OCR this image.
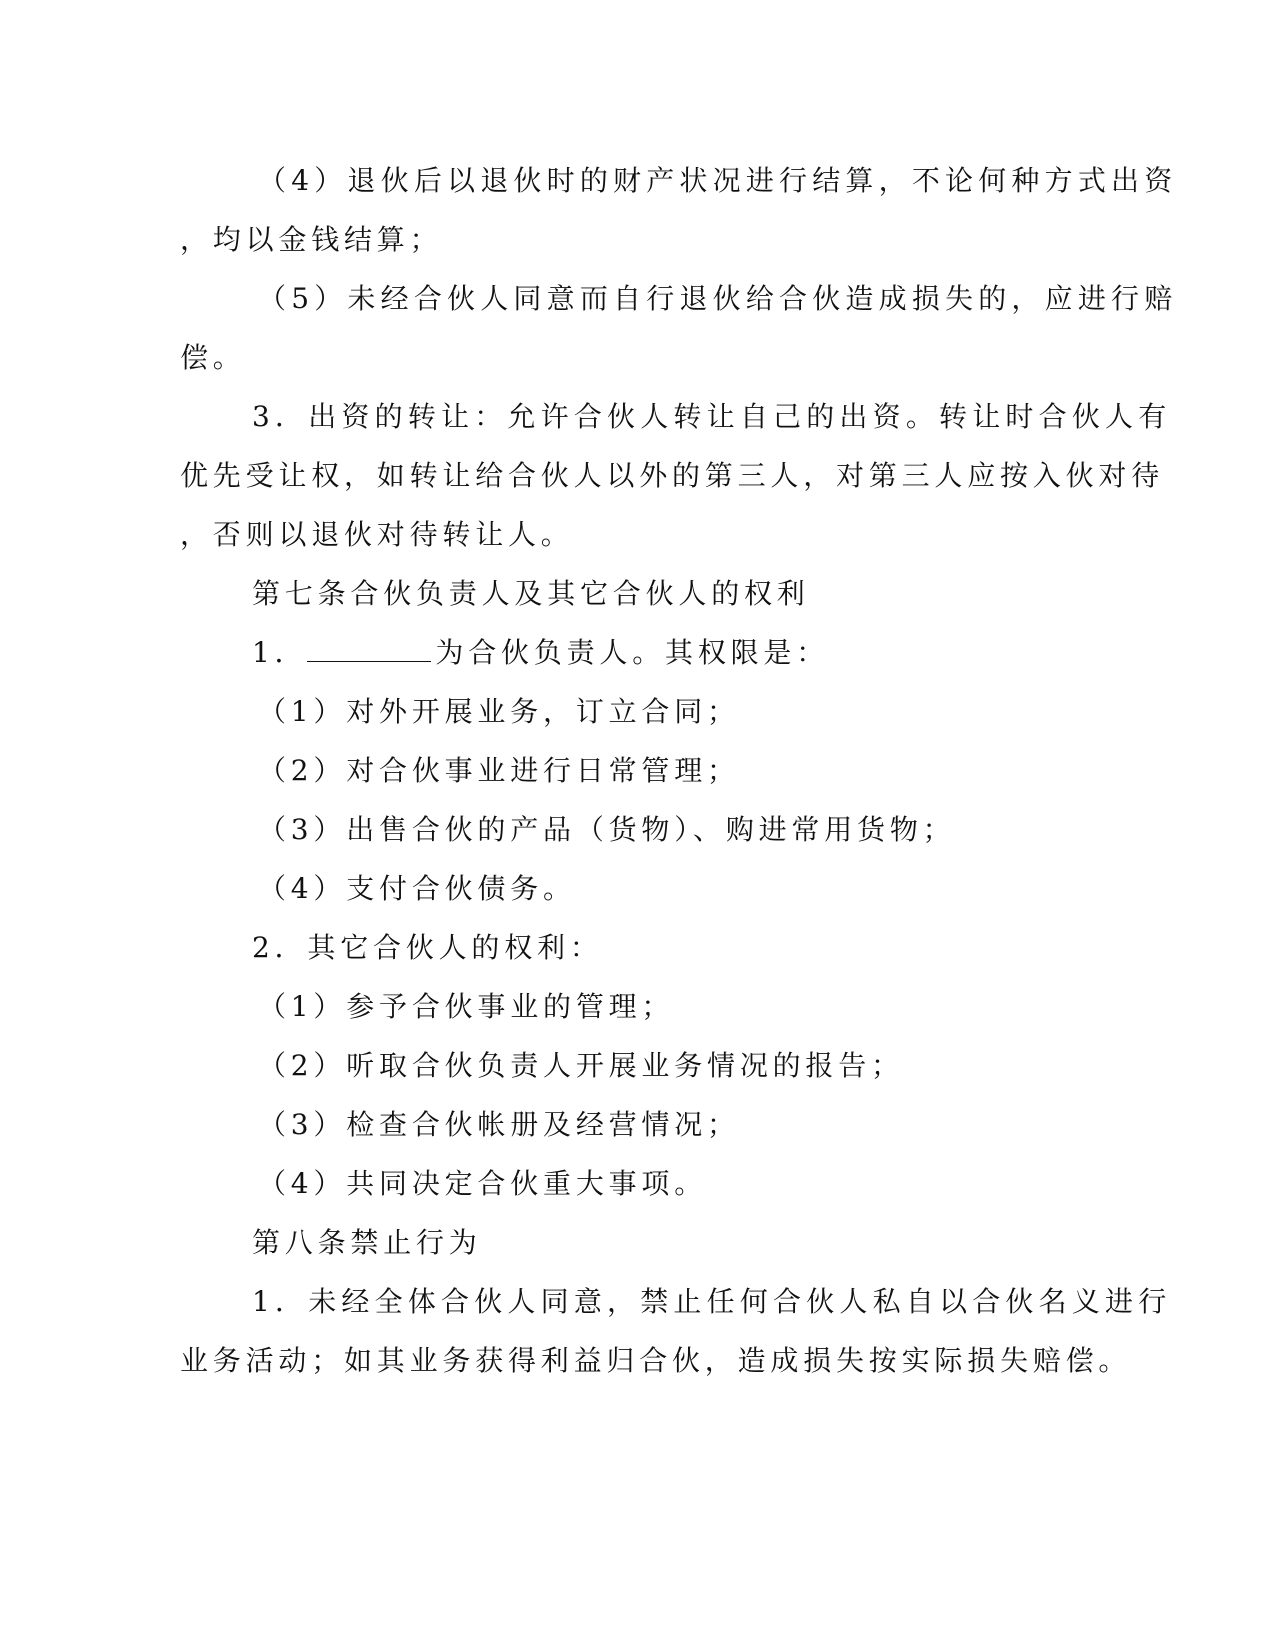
（4）退伙后以退伙时的财产状况进行结算，不论何种方式出资
，均以金钱结算；
（5）未经合伙人同意而自行退伙给合伙造成损失的，应进行赔
偿。
3．出资的转让：允许合伙人转让自己的出资。转让时合伙人有
优先受让权，如转让给合伙人以外的第三人，对第三人应按入伙对待
，否则以退伙对待转让人。
第七条合伙负责人及其它合伙人的权利
1．	为合伙负责人。其权限是：
（1）对外开展业务，订立合同；
（2）对合伙事业进行日常管理；
（3）出售合伙的产品（货物）、购进常用货物；
（4）支付合伙债务。
2．其它合伙人的权利：
（1）参予合伙事业的管理；
（2）听取合伙负责人开展业务情况的报告；
（3）检查合伙帐册及经营情况；
（4）共同决定合伙重大事项。
第八条禁止行为
1．未经全体合伙人同意，禁止任何合伙人私自以合伙名义进行
业务活动；如其业务获得利益归合伙，造成损失按实际损失赔偿。
